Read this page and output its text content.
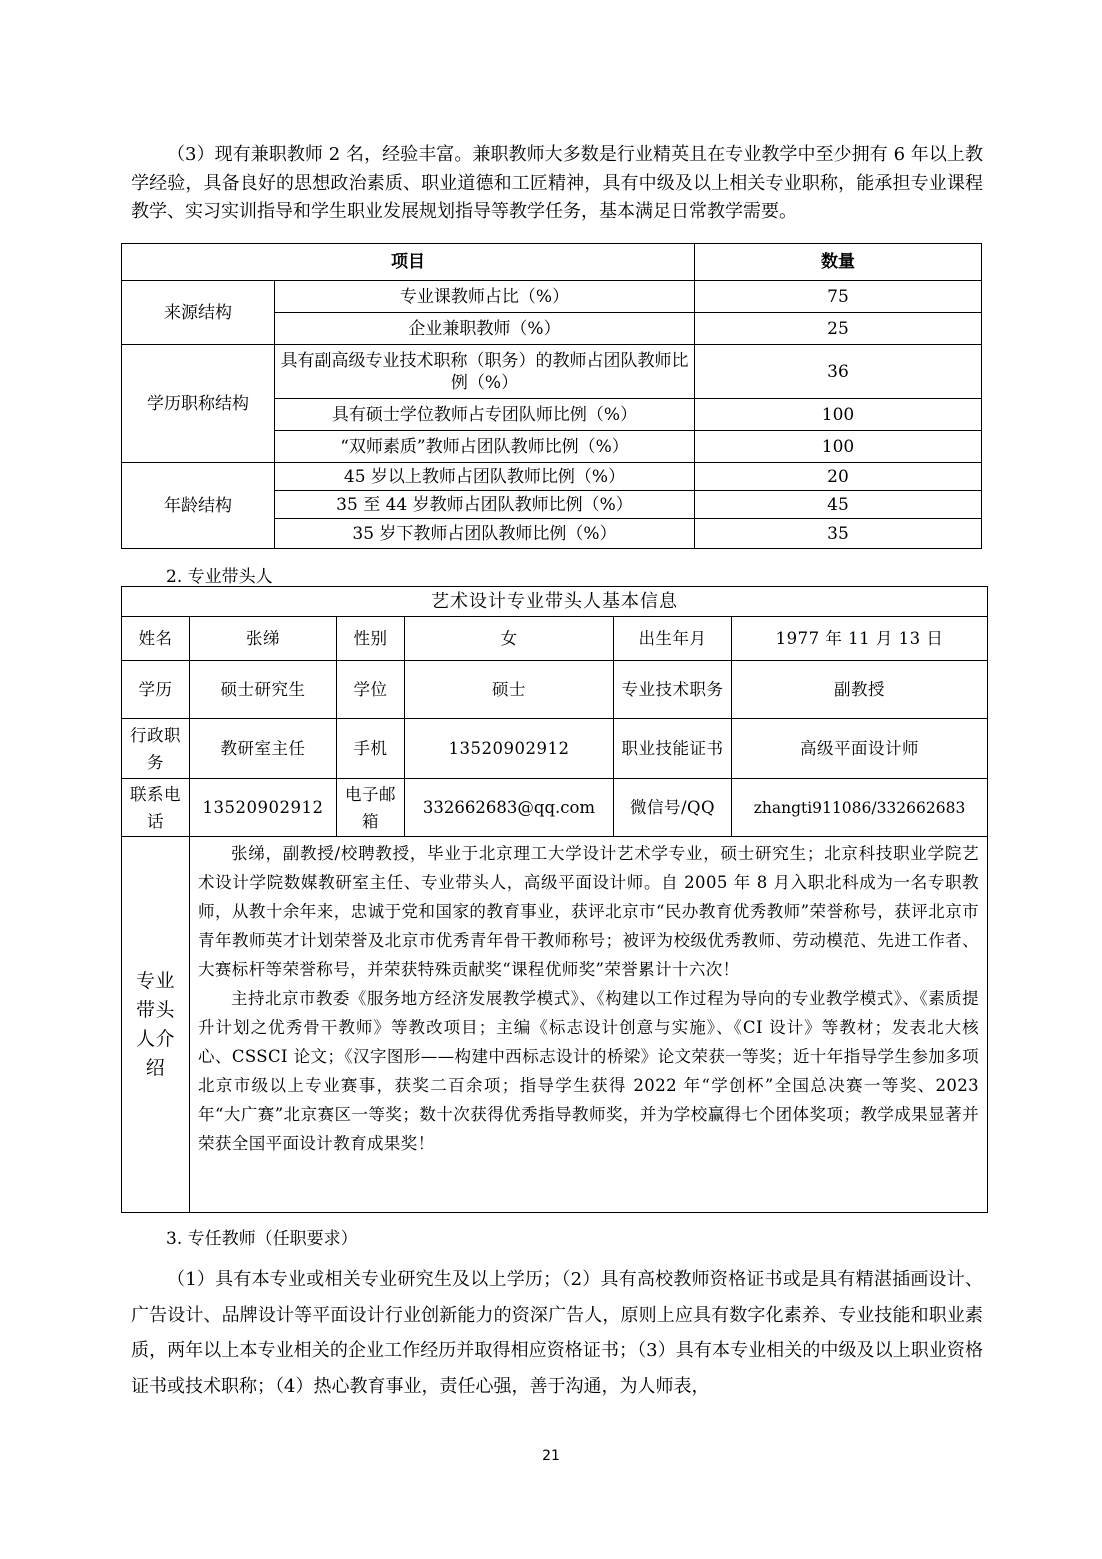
（3）现有兼职教师 2 名，经验丰富。兼职教师大多数是行业精英且在专业教学中至少拥有 6 年以上教学经验，具备良好的思想政治素质、职业道德和工匠精神，具有中级及以上相关专业职称，能承担专业课程教学、实习实训指导和学生职业发展规划指导等教学任务，基本满足日常教学需要。

项目		数量
来源结构	专业课教师占比（%）	75
	企业兼职教师（%）	25
学历职称结构	具有副高级专业技术职称（职务）的教师占团队教师比例（%）	36
	具有硕士学位教师占专团队师比例（%）	100
	“双师素质”教师占团队教师比例（%）	100
年龄结构	45 岁以上教师占团队教师比例（%）	20
	35 至 44 岁教师占团队教师比例（%）	45
	35 岁下教师占团队教师比例（%）	35

2. 专业带头人

艺术设计专业带头人基本信息					
姓名	张绨	性别	女	出生年月	1977 年 11 月 13 日
学历	硕士研究生	学位	硕士	专业技术职务	副教授
行政职务	教研室主任	手机	13520902912	职业技能证书	高级平面设计师
联系电话	13520902912	电子邮箱	332662683@qq.com	微信号/QQ	zhangti911086/332662683
专业带头人介绍	张绨，副教授/校聘教授，毕业于北京理工大学设计艺术学专业，硕士研究生；北京科技职业学院艺术设计学院数媒教研室主任、专业带头人，高级平面设计师。自 2005 年 8 月入职北科成为一名专职教师，从教十余年来，忠诚于党和国家的教育事业，获评北京市“民办教育优秀教师”荣誉称号，获评北京市青年教师英才计划荣誉及北京市优秀青年骨干教师称号；被评为校级优秀教师、劳动模范、先进工作者、大赛标杆等荣誉称号，并荣获特殊贡献奖“课程优师奖”荣誉累计十六次！
主持北京市教委《服务地方经济发展教学模式》、《构建以工作过程为导向的专业教学模式》、《素质提升计划之优秀骨干教师》等教改项目；主编《标志设计创意与实施》、《CI 设计》等教材；发表北大核心、CSSCI 论文；《汉字图形——构建中西标志设计的桥梁》论文荣获一等奖；近十年指导学生参加多项北京市级以上专业赛事，获奖二百余项；指导学生获得 2022 年“学创杯”全国总决赛一等奖、2023 年“大广赛”北京赛区一等奖；数十次获得优秀指导教师奖，并为学校赢得七个团体奖项；教学成果显著并荣获全国平面设计教育成果奖！				

3. 专任教师（任职要求）

（1）具有本专业或相关专业研究生及以上学历；（2）具有高校教师资格证书或是具有精湛插画设计、广告设计、品牌设计等平面设计行业创新能力的资深广告人，原则上应具有数字化素养、专业技能和职业素质，两年以上本专业相关的企业工作经历并取得相应资格证书；（3）具有本专业相关的中级及以上职业资格证书或技术职称；（4）热心教育事业，责任心强，善于沟通，为人师表，

21
